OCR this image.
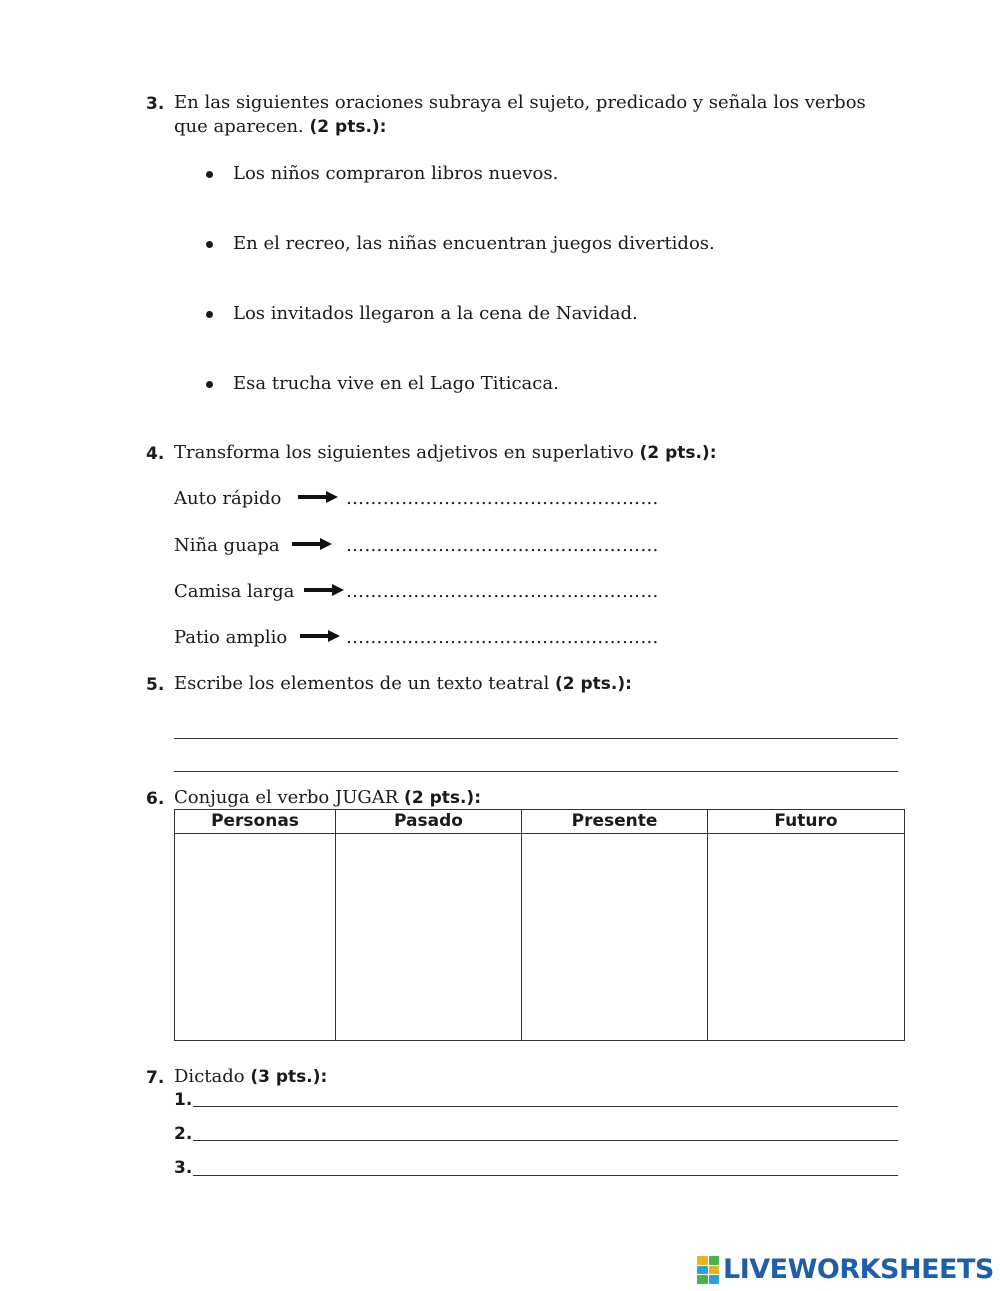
3. En las siguientes oraciones subraya el sujeto, predicado y señala los verbos
que aparecen. (2 pts.):
Los niños compraron libros nuevos.
En el recreo, las niñas encuentran juegos divertidos.
Los invitados llegaron a la cena de Navidad.
Esa trucha vive en el Lago Titicaca.
4. Transforma los siguientes adjetivos en superlativo (2 pts.):
Auto rápido	……………………………………………
Niña guapa	……………………………………………
Camisa larga	……………………………………………
Patio amplio	……………………………………………
5. Escribe los elementos de un texto teatral (2 pts.):
6. Conjuga el verbo JUGAR (2 pts.):
Personas	Pasado	Presente	Futuro

7. Dictado (3 pts.):
1.
2.
3.
LIVEWORKSHEETS
